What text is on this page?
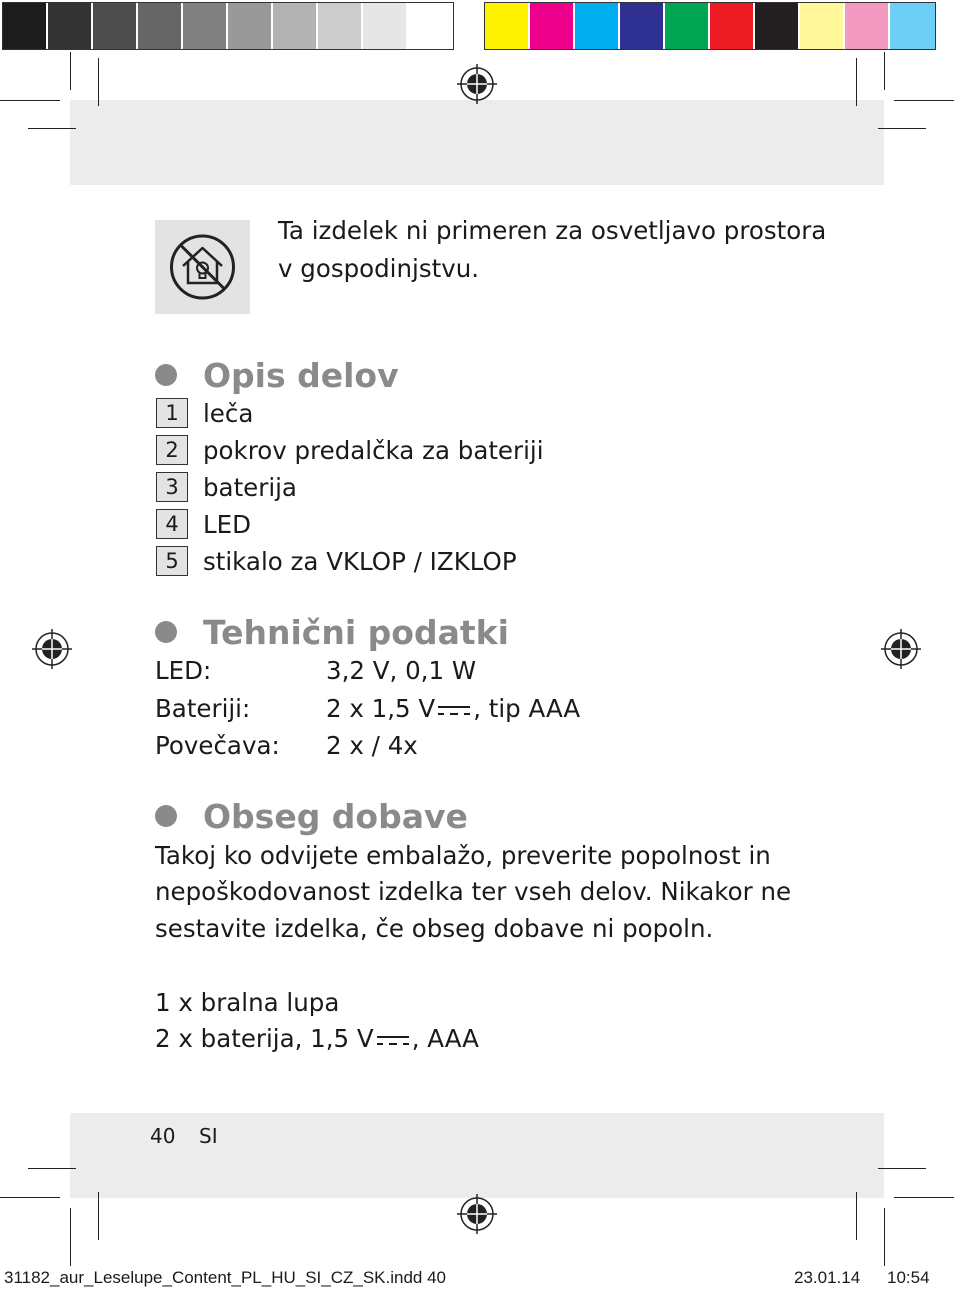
Ta izdelek ni primeren za osvetljavo prostora
v gospodinjstvu.
Opis delov
1 leča
2 pokrov predalčka za bateriji
3 baterija
4 LED
5 stikalo za VKLOP / IZKLOP
Tehnični podatki
LED:	3,2 V, 0,1 W
Bateriji:	2 x 1,5 V , tip AAA
Povečava: 2 x / 4x
Obseg dobave
Takoj ko odvijete embalažo, preverite popolnost in
nepoškodovanost izdelka ter vseh delov. Nikakor ne
sestavite izdelka, če obseg dobave ni popoln.
1 x bralna lupa
2 x baterija, 1,5 V , AAA
40 SI
31182_aur_Leselupe_Content_PL_HU_SI_CZ_SK.indd 40	23.01.14 10:54
